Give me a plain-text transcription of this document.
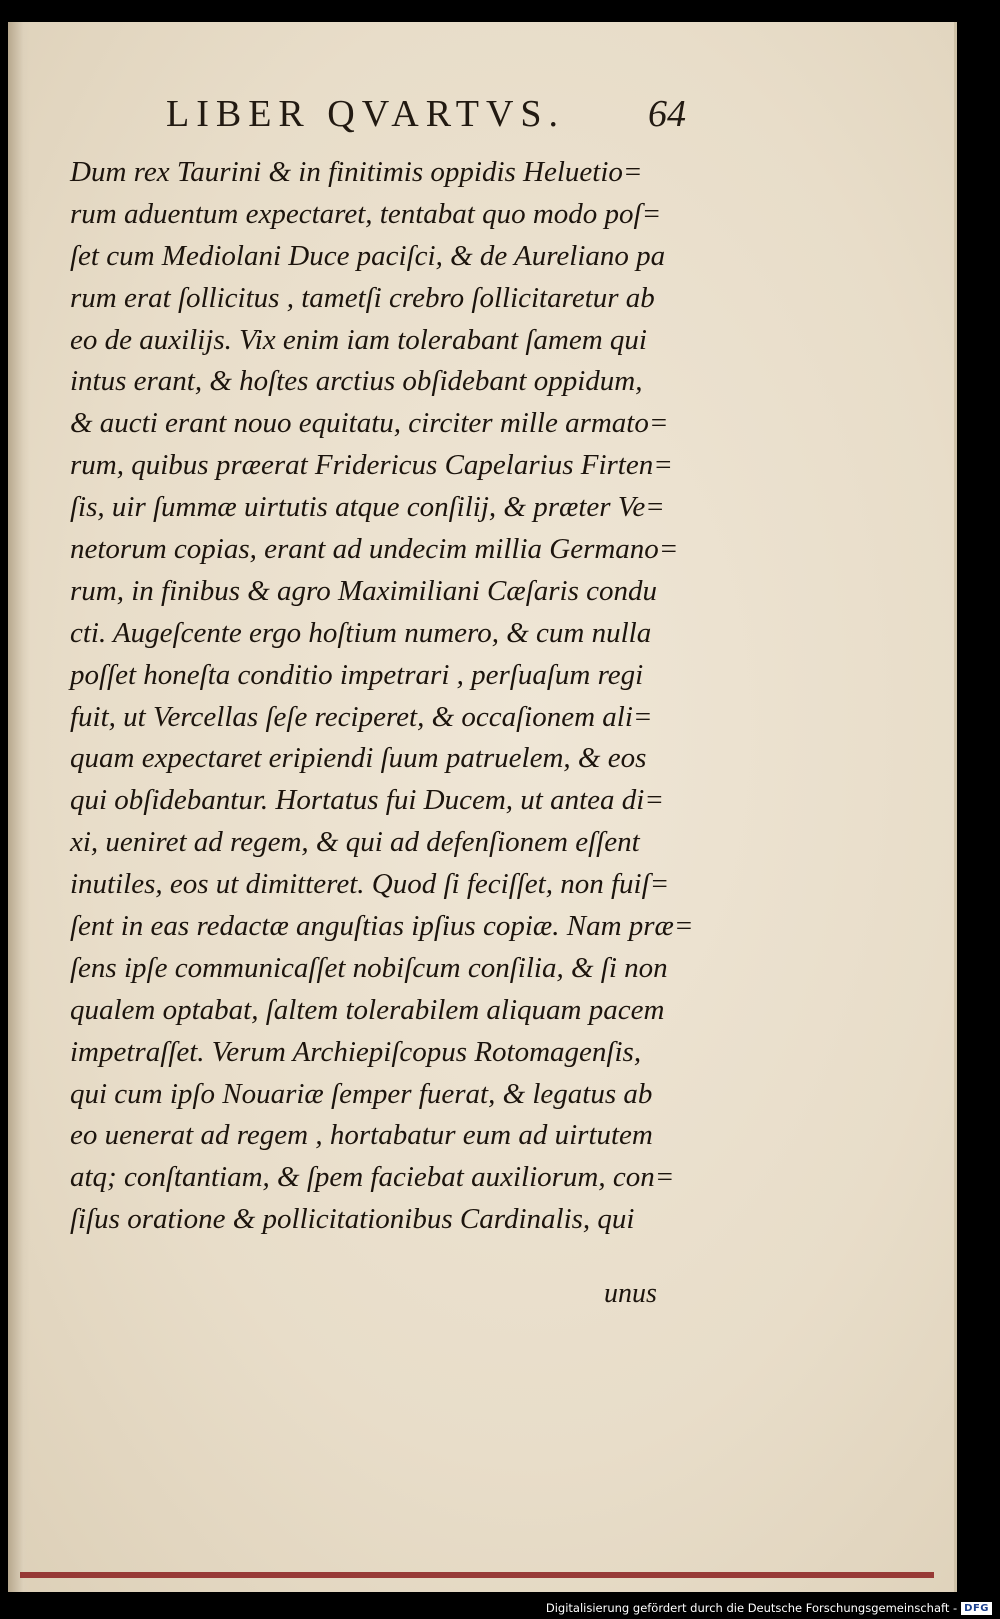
LIBER QVARTVS. 64
Dum rex Taurini & in finitimis oppidis Heluetio=
rum aduentum expectaret, tentabat quo modo poſ=
ſet cum Mediolani Duce paciſci, & de Aureliano pa
rum erat ſollicitus , tametſi crebro ſollicitaretur ab
eo de auxilijs. Vix enim iam tolerabant ſamem qui
intus erant, & hoſtes arctius obſidebant oppidum,
& aucti erant nouo equitatu, circiter mille armato=
rum, quibus præerat Fridericus Capelarius Firten=
ſis, uir ſummæ uirtutis atque conſilij, & præter Ve=
netorum copias, erant ad undecim millia Germano=
rum, in finibus & agro Maximiliani Cæſaris condu
cti. Augeſcente ergo hoſtium numero, & cum nulla
poſſet honeſta conditio impetrari , perſuaſum regi
fuit, ut Vercellas ſeſe reciperet, & occaſionem ali=
quam expectaret eripiendi ſuum patruelem, & eos
qui obſidebantur. Hortatus fui Ducem, ut antea di=
xi, ueniret ad regem, & qui ad defenſionem eſſent
inutiles, eos ut dimitteret. Quod ſi feciſſet, non fuiſ=
ſent in eas redactæ anguſtias ipſius copiæ. Nam præ=
ſens ipſe communicaſſet nobiſcum conſilia, & ſi non
qualem optabat, ſaltem tolerabilem aliquam pacem
impetraſſet. Verum Archiepiſcopus Rotomagenſis,
qui cum ipſo Nouariæ ſemper fuerat, & legatus ab
eo uenerat ad regem , hortabatur eum ad uirtutem
atq; conſtantiam, & ſpem faciebat auxiliorum, con=
ſiſus oratione & pollicitationibus Cardinalis, qui
unus
Digitalisierung gefördert durch die Deutsche Forschungsgemeinschaft - DFG
